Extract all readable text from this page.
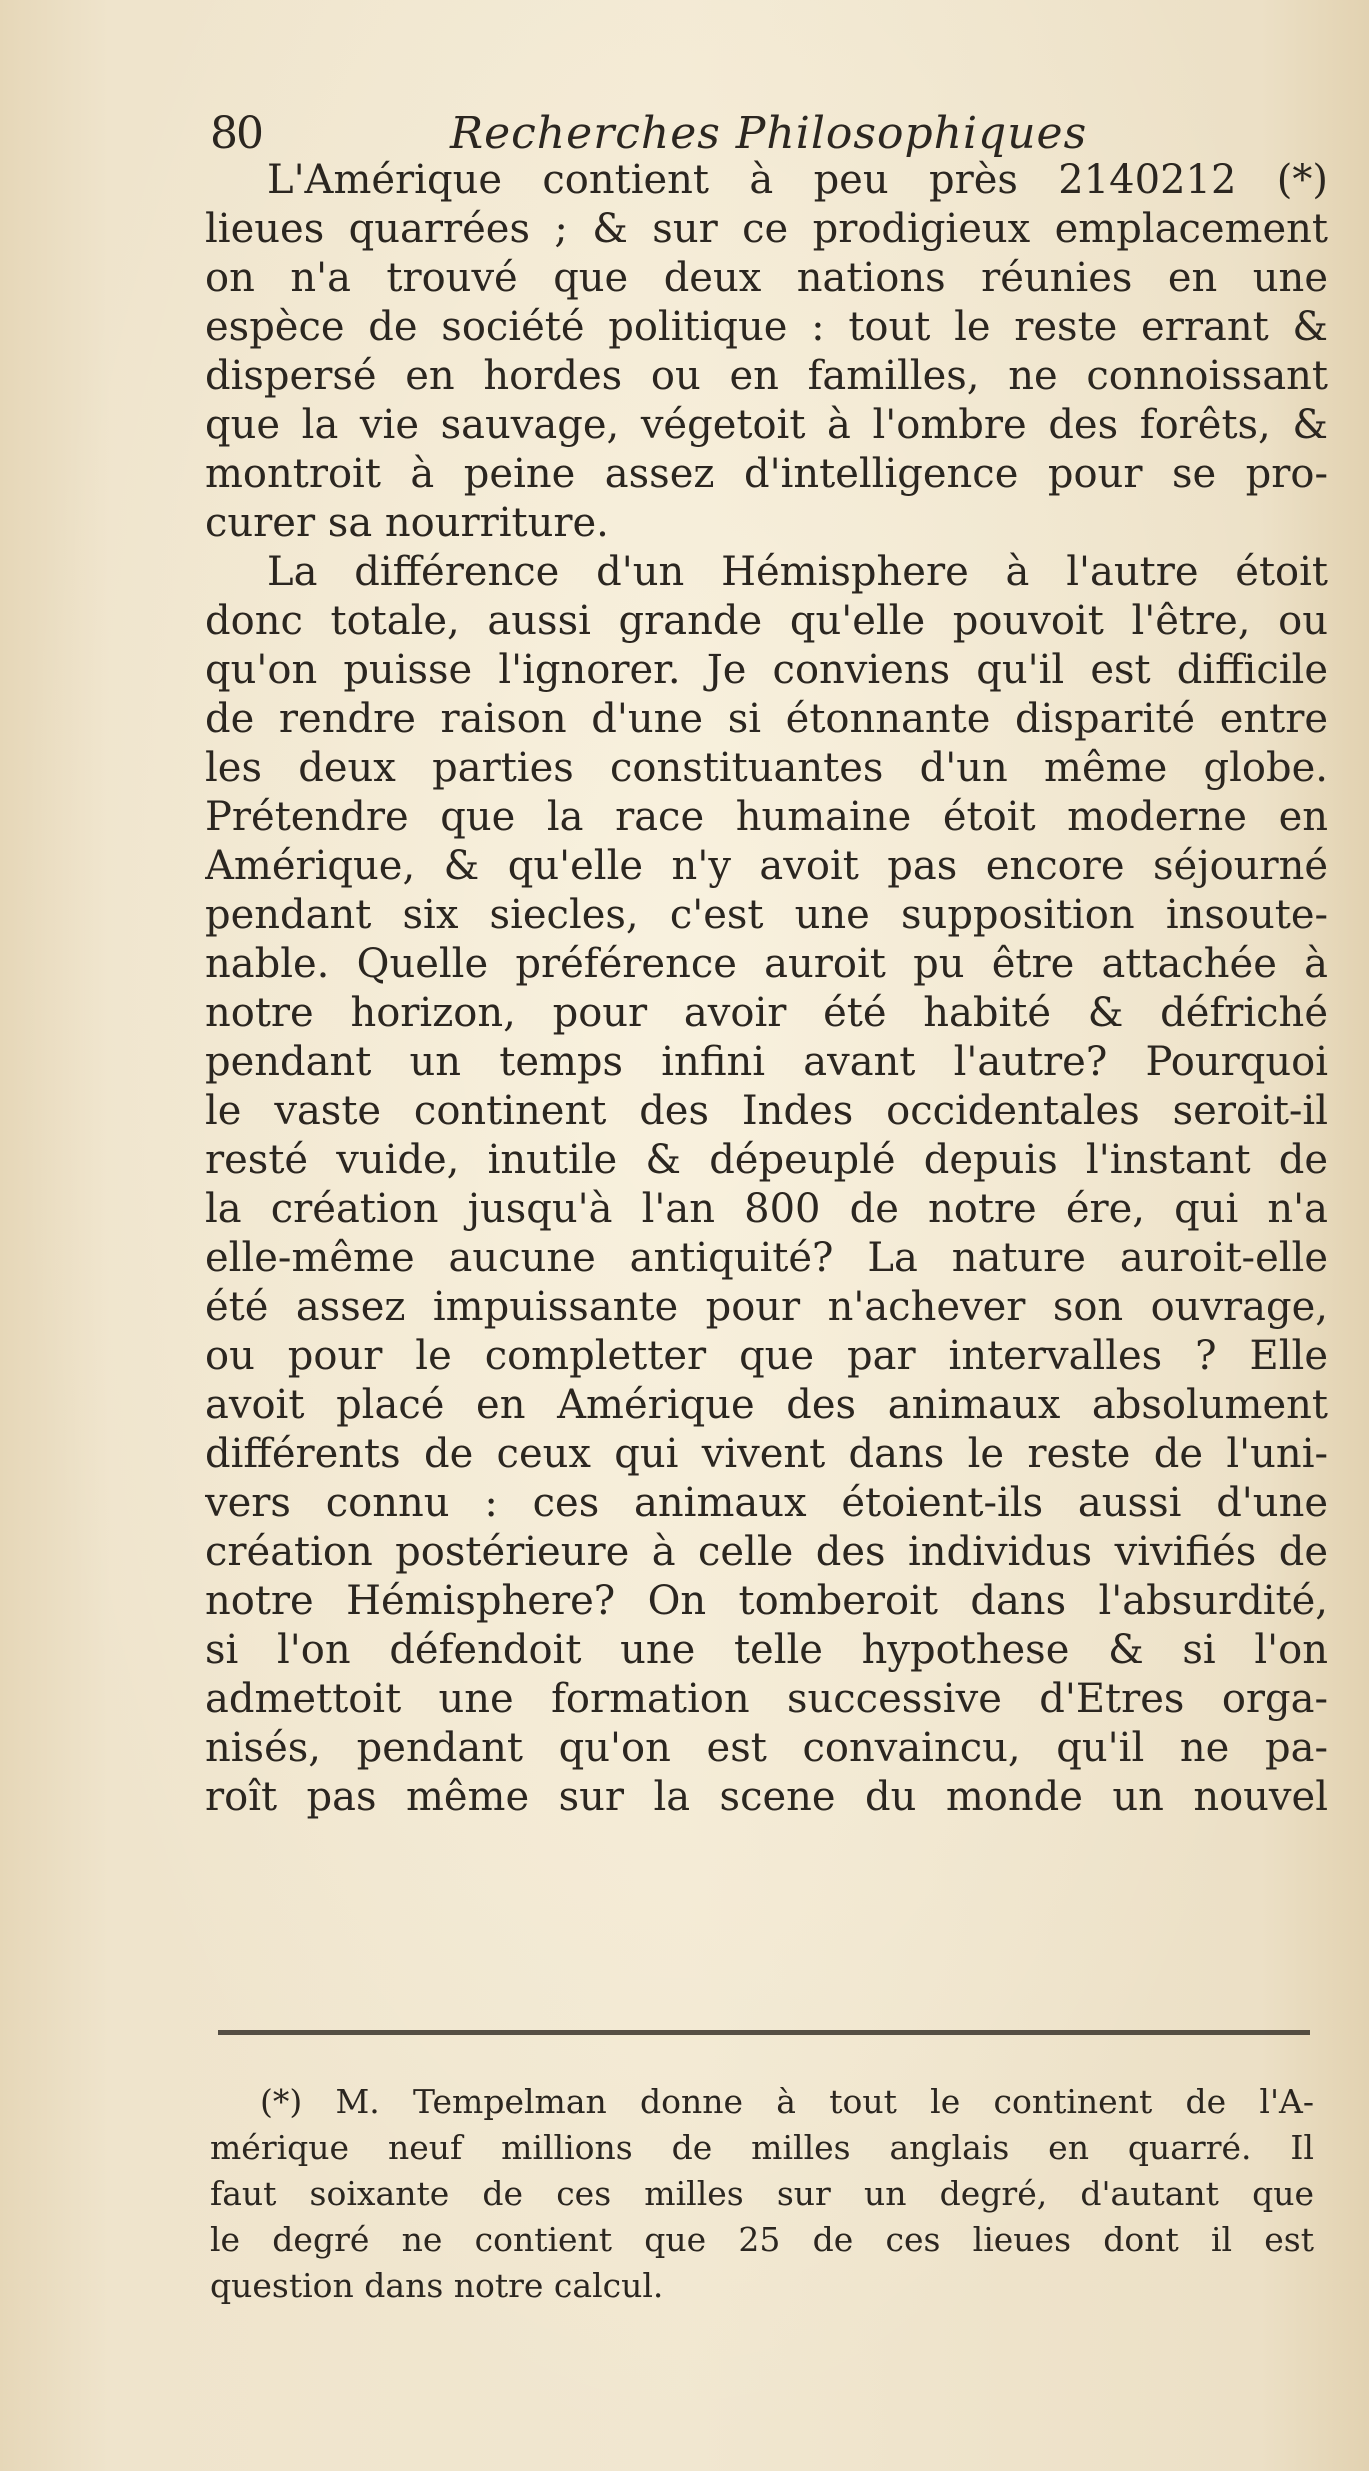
80	Recherches Philosophiques
L'Amérique contient à peu près 2140212 (*)
lieues quarrées ; & sur ce prodigieux emplacement
on n'a trouvé que deux nations réunies en une
espèce de société politique : tout le reste errant &
dispersé en hordes ou en familles, ne connoissant
que la vie sauvage, végetoit à l'ombre des forêts, &
montroit à peine assez d'intelligence pour se pro-
curer sa nourriture.
La différence d'un Hémisphere à l'autre étoit
donc totale, aussi grande qu'elle pouvoit l'être, ou
qu'on puisse l'ignorer. Je conviens qu'il est difficile
de rendre raison d'une si étonnante disparité entre
les deux parties constituantes d'un même globe.
Prétendre que la race humaine étoit moderne en
Amérique, & qu'elle n'y avoit pas encore séjourné
pendant six siecles, c'est une supposition insoute-
nable. Quelle préférence auroit pu être attachée à
notre horizon, pour avoir été habité & défriché
pendant un temps infini avant l'autre? Pourquoi
le vaste continent des Indes occidentales seroit-il
resté vuide, inutile & dépeuplé depuis l'instant de
la création jusqu'à l'an 800 de notre ére, qui n'a
elle-même aucune antiquité? La nature auroit-elle
été assez impuissante pour n'achever son ouvrage,
ou pour le completter que par intervalles ? Elle
avoit placé en Amérique des animaux absolument
différents de ceux qui vivent dans le reste de l'uni-
vers connu : ces animaux étoient-ils aussi d'une
création postérieure à celle des individus vivifiés de
notre Hémisphere? On tomberoit dans l'absurdité,
si l'on défendoit une telle hypothese & si l'on
admettoit une formation successive d'Etres orga-
nisés, pendant qu'on est convaincu, qu'il ne pa-
roît pas même sur la scene du monde un nouvel
(*) M. Tempelman donne à tout le continent de l'A-
mérique neuf millions de milles anglais en quarré. Il
faut soixante de ces milles sur un degré, d'autant que
le degré ne contient que 25 de ces lieues dont il est
question dans notre calcul.
